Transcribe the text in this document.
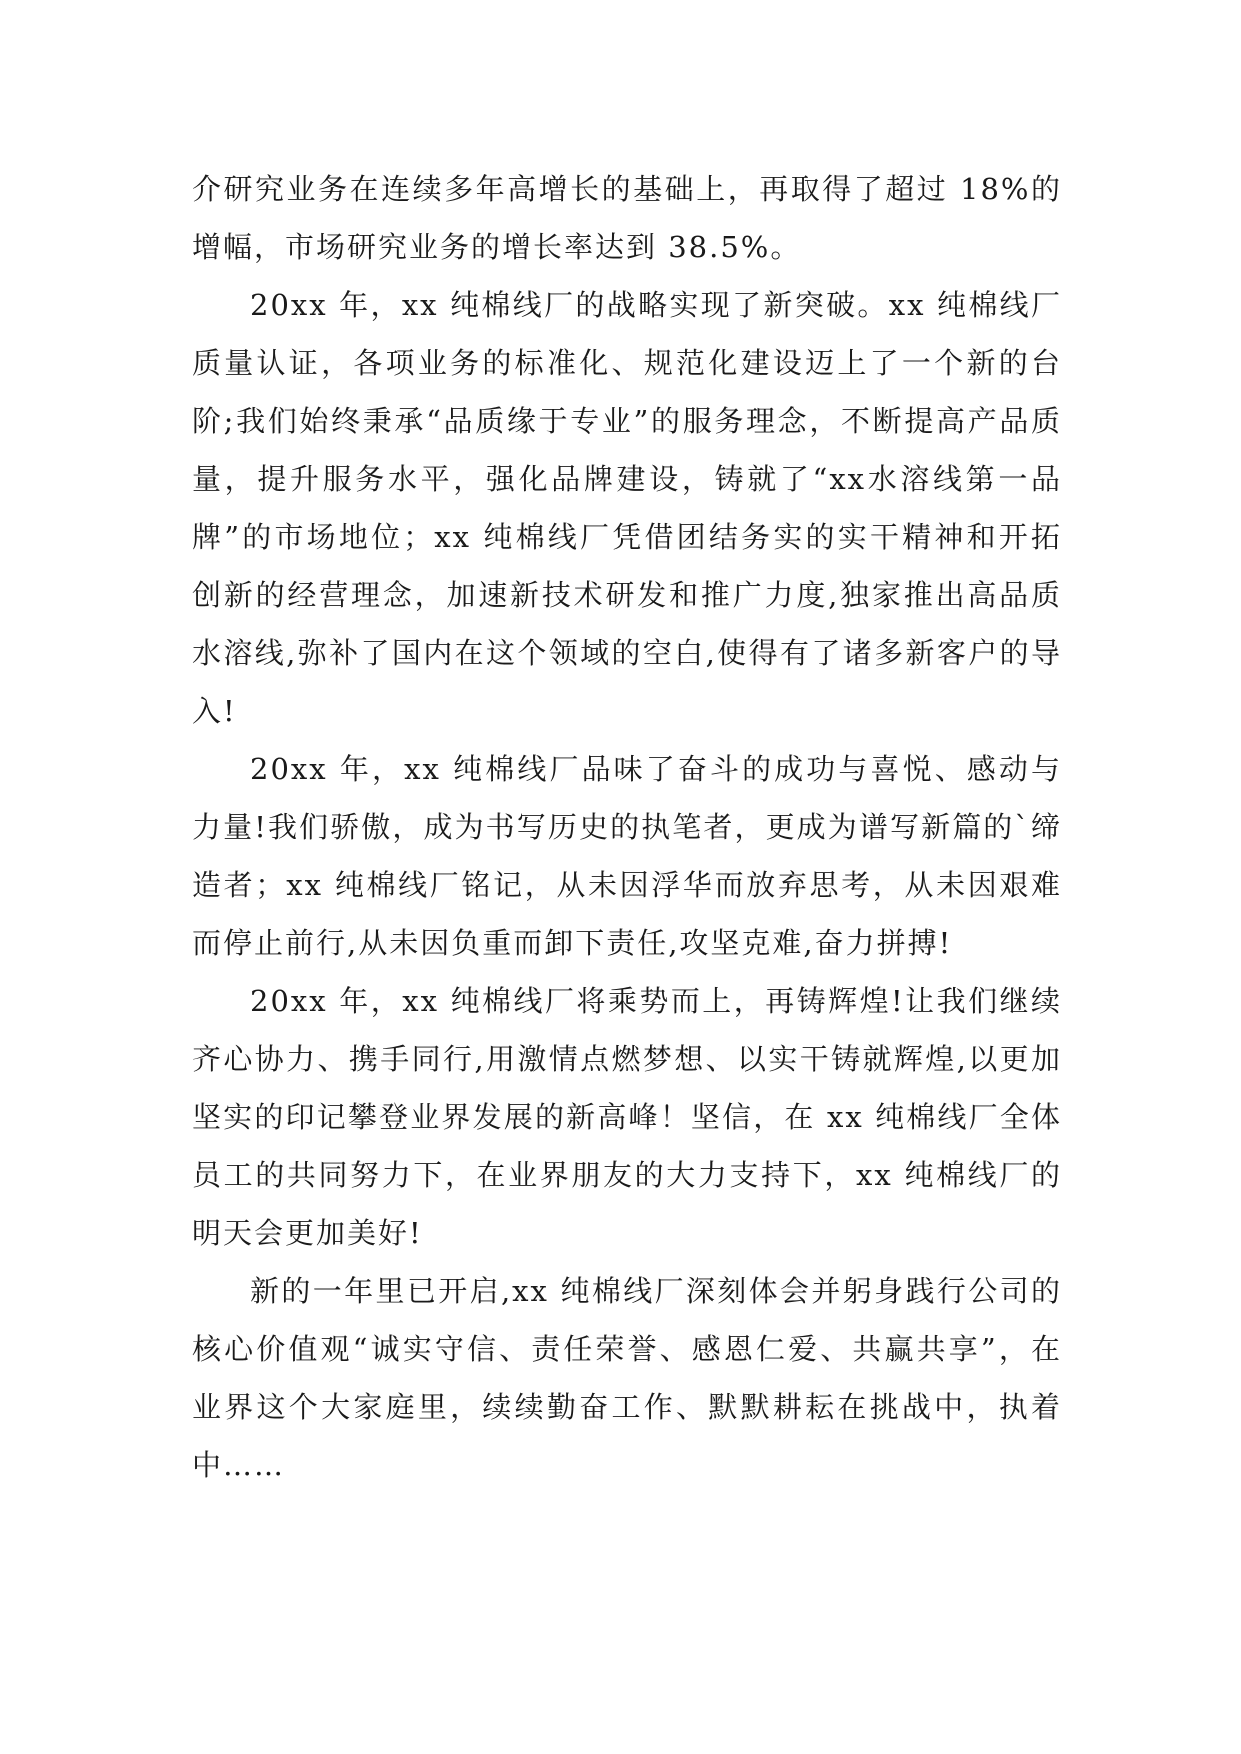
介研究业务在连续多年高增长的基础上，再取得了超过 18%的增幅，市场研究业务的增长率达到 38.5%。

20xx 年，xx 纯棉线厂的战略实现了新突破。xx 纯棉线厂质量认证，各项业务的标准化、规范化建设迈上了一个新的台阶;我们始终秉承“品质缘于专业”的服务理念，不断提高产品质量，提升服务水平，强化品牌建设，铸就了“xx水溶线第一品牌”的市场地位；xx 纯棉线厂凭借团结务实的实干精神和开拓创新的经营理念，加速新技术研发和推广力度,独家推出高品质水溶线,弥补了国内在这个领域的空白,使得有了诸多新客户的导入!

20xx 年，xx 纯棉线厂品味了奋斗的成功与喜悦、感动与力量!我们骄傲，成为书写历史的执笔者，更成为谱写新篇的`缔造者；xx 纯棉线厂铭记，从未因浮华而放弃思考，从未因艰难而停止前行,从未因负重而卸下责任,攻坚克难,奋力拼搏!

20xx 年，xx 纯棉线厂将乘势而上，再铸辉煌!让我们继续齐心协力、携手同行,用激情点燃梦想、以实干铸就辉煌,以更加坚实的印记攀登业界发展的新高峰！坚信，在 xx 纯棉线厂全体员工的共同努力下，在业界朋友的大力支持下，xx 纯棉线厂的明天会更加美好!

新的一年里已开启,xx 纯棉线厂深刻体会并躬身践行公司的核心价值观“诚实守信、责任荣誉、感恩仁爱、共赢共享”，在业界这个大家庭里，续续勤奋工作、默默耕耘在挑战中，执着中……
